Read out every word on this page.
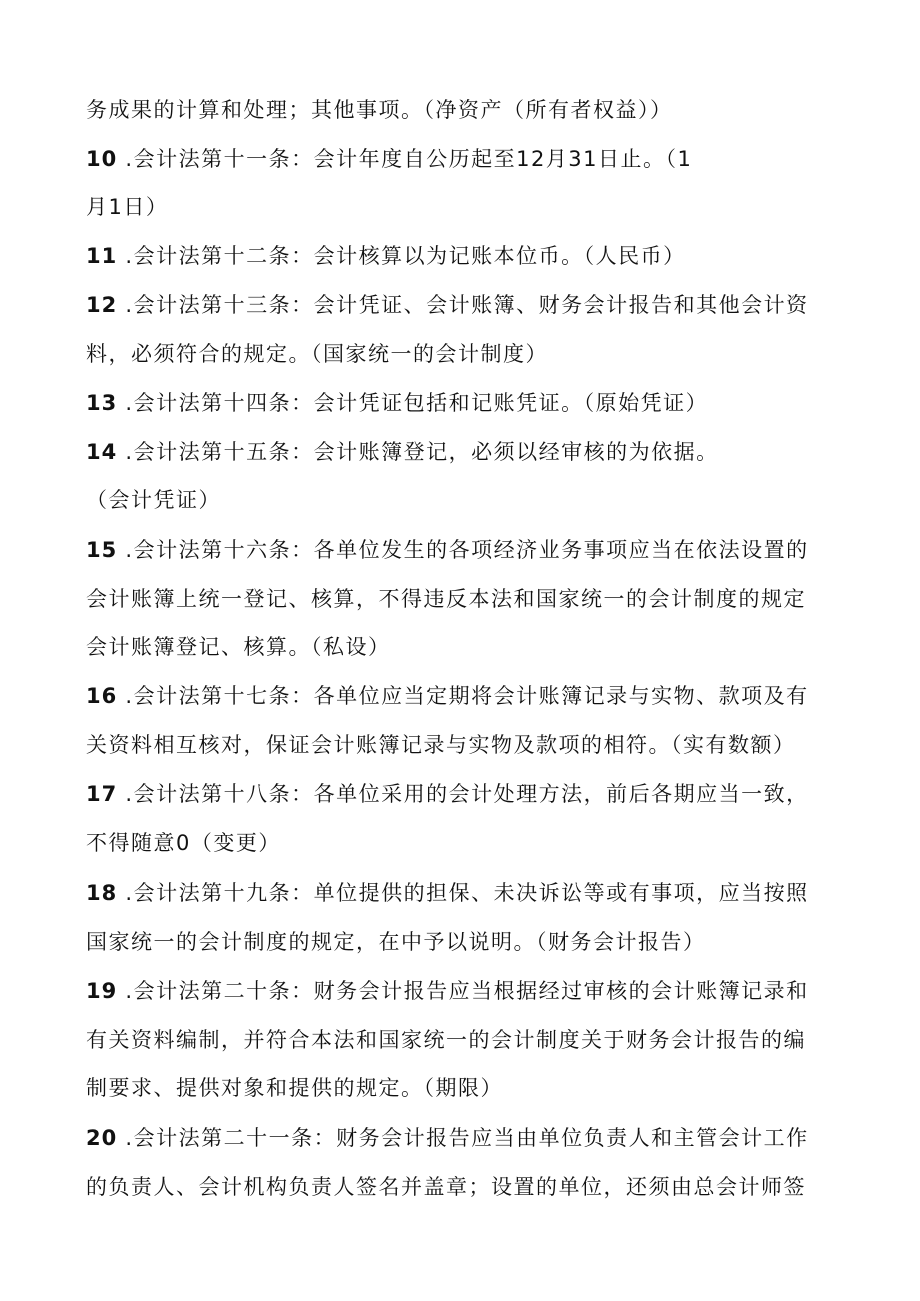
务成果的计算和处理；其他事项。（净资产（所有者权益））
10 .会计法第十一条：会计年度自公历起至12月31日止。（1
月1日）
11 .会计法第十二条：会计核算以为记账本位币。（人民币）
12 .会计法第十三条：会计凭证、会计账簿、财务会计报告和其他会计资
料，必须符合的规定。（国家统一的会计制度）
13 .会计法第十四条：会计凭证包括和记账凭证。（原始凭证）
14 .会计法第十五条：会计账簿登记，必须以经审核的为依据。
（会计凭证）
15 .会计法第十六条：各单位发生的各项经济业务事项应当在依法设置的
会计账簿上统一登记、核算，不得违反本法和国家统一的会计制度的规定
会计账簿登记、核算。（私设）
16 .会计法第十七条：各单位应当定期将会计账簿记录与实物、款项及有
关资料相互核对，保证会计账簿记录与实物及款项的相符。（实有数额）
17 .会计法第十八条：各单位采用的会计处理方法，前后各期应当一致，
不得随意0（变更）
18 .会计法第十九条：单位提供的担保、未决诉讼等或有事项，应当按照
国家统一的会计制度的规定，在中予以说明。（财务会计报告）
19 .会计法第二十条：财务会计报告应当根据经过审核的会计账簿记录和
有关资料编制，并符合本法和国家统一的会计制度关于财务会计报告的编
制要求、提供对象和提供的规定。（期限）
20 .会计法第二十一条：财务会计报告应当由单位负责人和主管会计工作
的负责人、会计机构负责人签名并盖章；设置的单位，还须由总会计师签
